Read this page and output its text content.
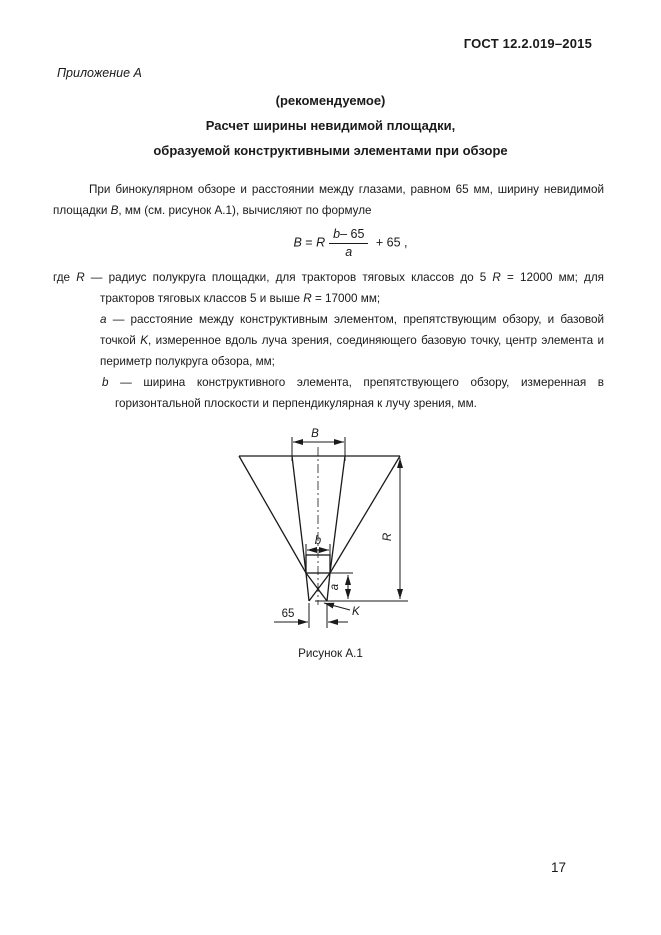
ГОСТ 12.2.019–2015
Приложение А
(рекомендуемое)
Расчет ширины невидимой площадки,
образуемой конструктивными элементами при обзоре

При бинокулярном обзоре и расстоянии между глазами, равном 65 мм, ширину невидимой площадки B, мм (см. рисунок А.1), вычисляют по формуле

B = R $\frac{b- 65}{a} + 65$ ,

где R — радиус полукруга площадки, для тракторов тяговых классов до 5 R = 12000 мм; для тракторов тяговых классов 5 и выше R = 17000 мм;

a — расстояние между конструктивным элементом, препятствующим обзору, и базовой точкой K, измеренное вдоль луча зрения, соединяющего базовую точку, центр элемента и периметр полукруга обзора, мм;

b — ширина конструктивного элемента, препятствующего обзору, измеренная в горизонтальной плоскости и перпендикулярная к лучу зрения, мм.

B
b
a
R
65	K
Рисунок А.1
17
